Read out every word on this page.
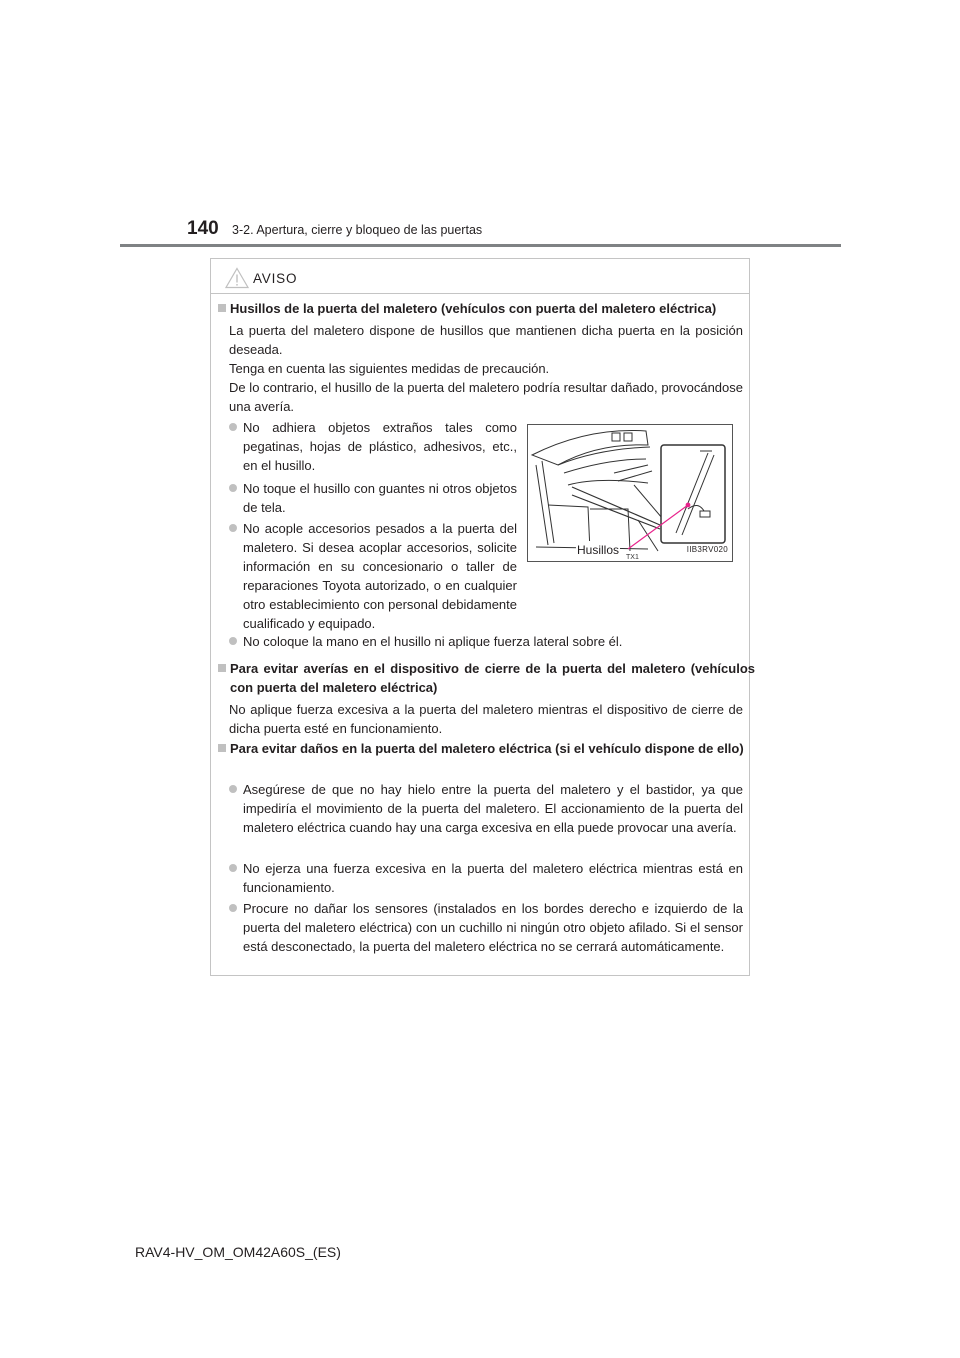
140 3-2. Apertura, cierre y bloqueo de las puertas
AVISO
Husillos de la puerta del maletero (vehículos con puerta del maletero eléctrica)
La puerta del maletero dispone de husillos que mantienen dicha puerta en la posición deseada.
Tenga en cuenta las siguientes medidas de precaución.
De lo contrario, el husillo de la puerta del maletero podría resultar dañado, provocándose una avería.
No adhiera objetos extraños tales como pegatinas, hojas de plástico, adhesivos, etc., en el husillo.
No toque el husillo con guantes ni otros objetos de tela.
No acople accesorios pesados a la puerta del maletero. Si desea acoplar accesorios, solicite información en su concesionario o taller de reparaciones Toyota autorizado, o en cualquier otro establecimiento con personal debidamente cualificado y equipado.
TX1
Husillos	IIB3RV020
No coloque la mano en el husillo ni aplique fuerza lateral sobre él.
Para evitar averías en el dispositivo de cierre de la puerta del maletero (vehículos con puerta del maletero eléctrica)
No aplique fuerza excesiva a la puerta del maletero mientras el dispositivo de cierre de dicha puerta esté en funcionamiento.
Para evitar daños en la puerta del maletero eléctrica (si el vehículo dispone de ello)
Asegúrese de que no hay hielo entre la puerta del maletero y el bastidor, ya que impediría el movimiento de la puerta del maletero. El accionamiento de la puerta del maletero eléctrica cuando hay una carga excesiva en ella puede provocar una avería.
No ejerza una fuerza excesiva en la puerta del maletero eléctrica mientras está en funcionamiento.
Procure no dañar los sensores (instalados en los bordes derecho e izquierdo de la puerta del maletero eléctrica) con un cuchillo ni ningún otro objeto afilado. Si el sensor está desconectado, la puerta del maletero eléctrica no se cerrará automáticamente.
RAV4-HV_OM_OM42A60S_(ES)
